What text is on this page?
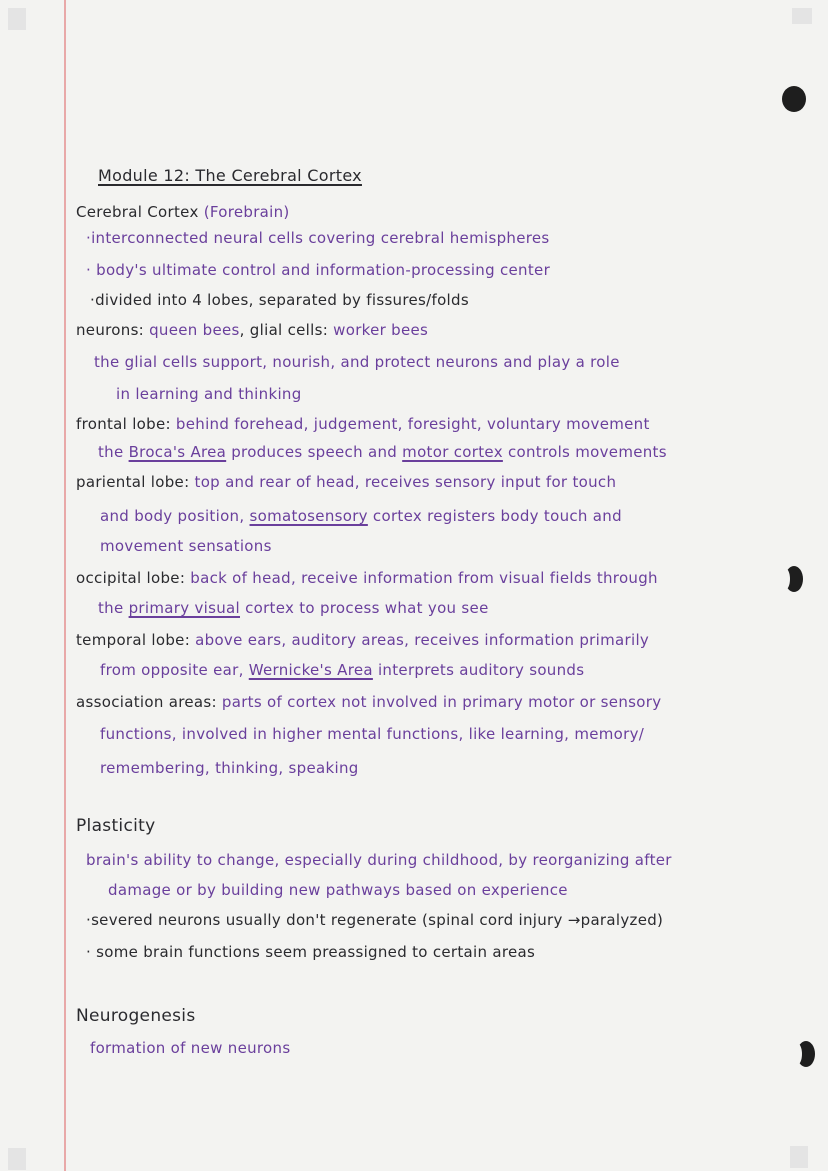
Module 12: The Cerebral Cortex
Cerebral Cortex (Forebrain)
·interconnected neural cells covering cerebral hemispheres
· body's ultimate control and information-processing center
·divided into 4 lobes, separated by fissures/folds
neurons: queen bees, glial cells: worker bees
the glial cells support, nourish, and protect neurons and play a role
in learning and thinking
frontal lobe: behind forehead, judgement, foresight, voluntary movement
the Broca's Area produces speech and motor cortex controls movements
pariental lobe: top and rear of head, receives sensory input for touch
and body position, somatosensory cortex registers body touch and
movement sensations
occipital lobe: back of head, receive information from visual fields through
the primary visual cortex to process what you see
temporal lobe: above ears, auditory areas, receives information primarily
from opposite ear, Wernicke's Area interprets auditory sounds
association areas: parts of cortex not involved in primary motor or sensory
functions, involved in higher mental functions, like learning, memory/
remembering, thinking, speaking
Plasticity
brain's ability to change, especially during childhood, by reorganizing after
damage or by building new pathways based on experience
·severed neurons usually don't regenerate (spinal cord injury →paralyzed)
· some brain functions seem preassigned to certain areas
Neurogenesis
formation of new neurons
